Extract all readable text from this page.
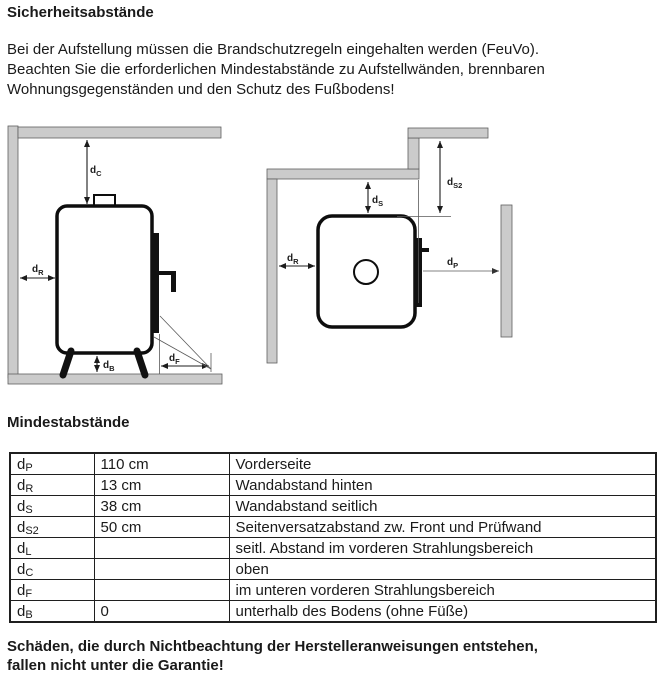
Sicherheitsabstände
Bei der Aufstellung müssen die Brandschutzregeln eingehalten werden (FeuVo).
Beachten Sie die erforderlichen Mindestabstände zu Aufstellwänden, brennbaren
Wohnungsgegenständen und den Schutz des Fußbodens!
$d_C$
$d_R$
$d_B$
$d_F$
$d_S$
$d_{S2}$
$d_R$	$d_P$
Mindestabstände
$d_P$	110 cm	Vorderseite
$d_R$	13 cm	Wandabstand hinten
$d_S$	38 cm	Wandabstand seitlich
$d_{S2}$	50 cm	Seitenversatzabstand zw. Front und Prüfwand
$d_L$		seitl. Abstand im vorderen Strahlungsbereich
$d_C$		oben
$d_F$		im unteren vorderen Strahlungsbereich
$d_B$	0	unterhalb des Bodens (ohne Füße)
Schäden, die durch Nichtbeachtung der Herstelleranweisungen entstehen,
fallen nicht unter die Garantie!
